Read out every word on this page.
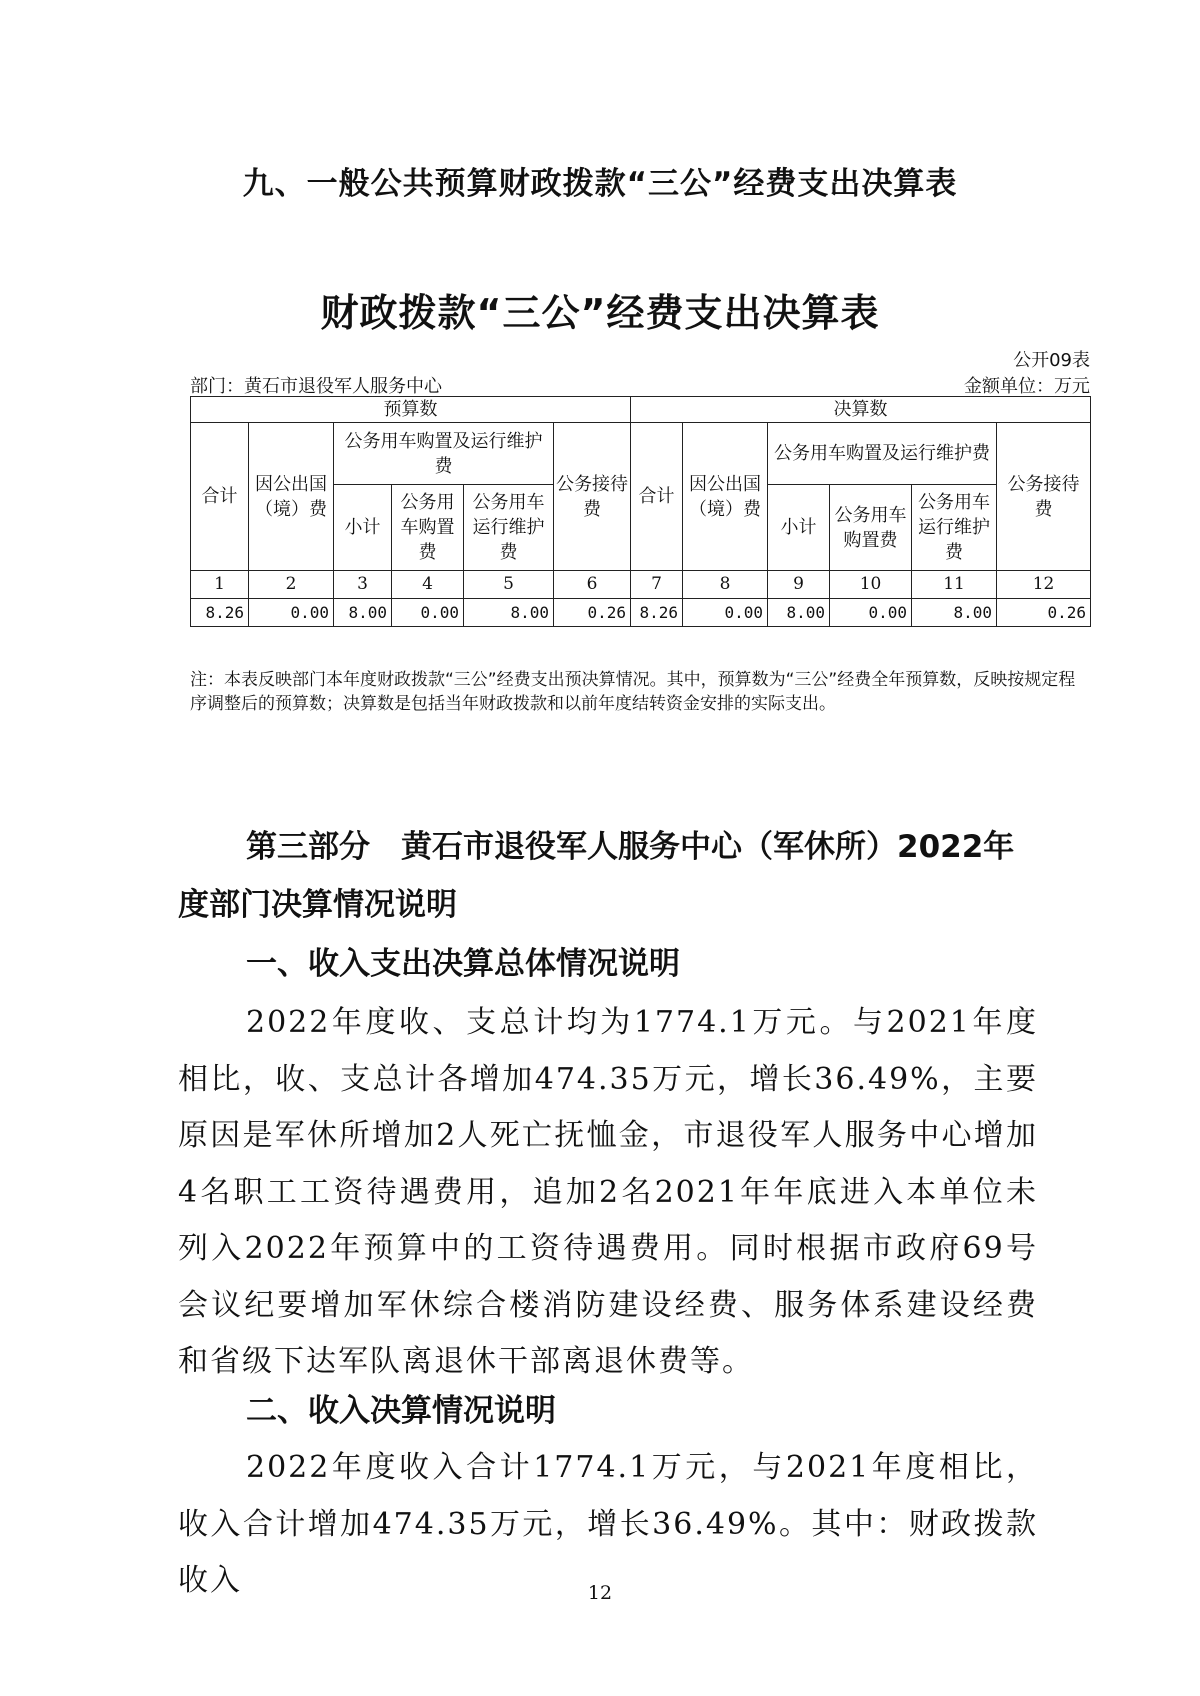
九、一般公共预算财政拨款“三公”经费支出决算表
财政拨款“三公”经费支出决算表
公开09表
部门：黄石市退役军人服务中心	金额单位：万元
预算数						决算数					
合计	因公出国（境）费	公务用车购置及运行维护费			公务接待费	合计	因公出国（境）费	公务用车购置及运行维护费			公务接待费
		小计	公务用车购置费	公务用车运行维护费				小计	公务用车购置费	公务用车运行维护费	
1	2	3	4	5	6	7	8	9	10	11	12
8.26	0.00	8.00	0.00	8.00	0.26	8.26	0.00	8.00	0.00	8.00	0.26
注：本表反映部门本年度财政拨款“三公”经费支出预决算情况。其中，预算数为“三公”经费全年预算数，反映按规定程序调整后的预算数；决算数是包括当年财政拨款和以前年度结转资金安排的实际支出。
第三部分　黄石市退役军人服务中心（军休所）2022年度部门决算情况说明
一、收入支出决算总体情况说明
2022年度收、支总计均为1774.1万元。与2021年度相比，收、支总计各增加474.35万元，增长36.49%，主要原因是军休所增加2人死亡抚恤金，市退役军人服务中心增加4名职工工资待遇费用，追加2名2021年年底进入本单位未列入2022年预算中的工资待遇费用。同时根据市政府69号会议纪要增加军休综合楼消防建设经费、服务体系建设经费和省级下达军队离退休干部离退休费等。
二、收入决算情况说明
2022年度收入合计1774.1万元，与2021年度相比，收入合计增加474.35万元，增长36.49%。其中：财政拨款收入	12
